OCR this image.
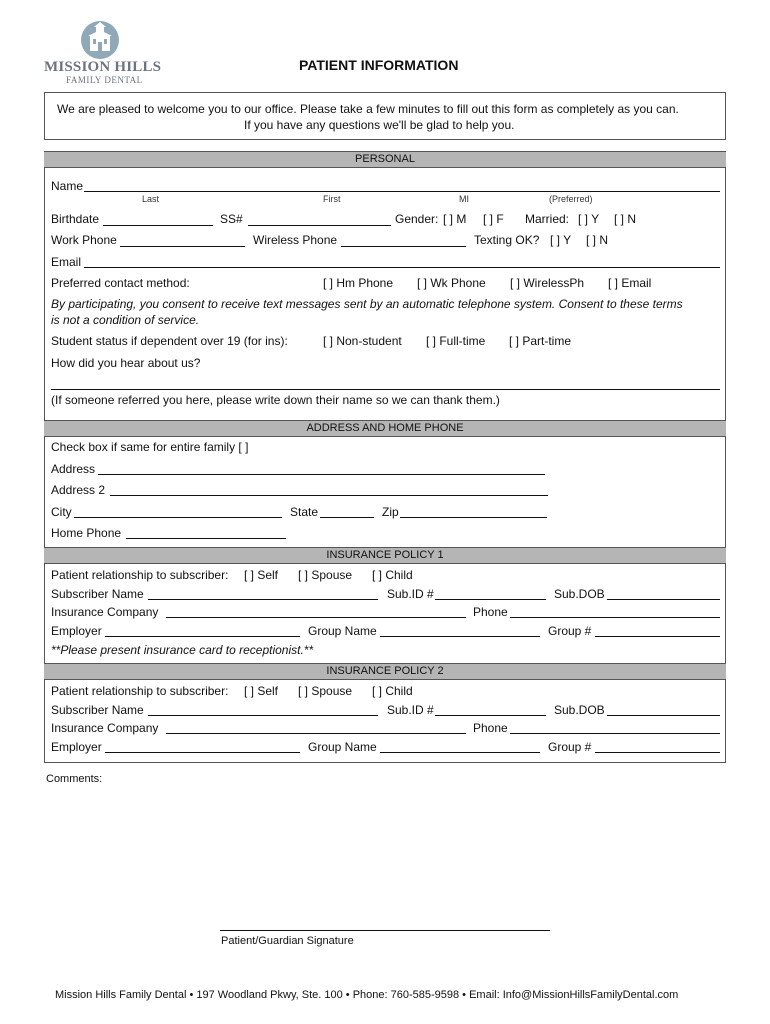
MISSION HILLS
FAMILY DENTAL
PATIENT INFORMATION
We are pleased to welcome you to our office. Please take a few minutes to fill out this form as completely as you can.
If you have any questions we'll be glad to help you.
PERSONAL
Name
Last	First	MI	(Preferred)
Birthdate	SS#	Gender: [ ] M [ ] F Married: [ ] Y [ ] N
Work Phone	Wireless Phone	Texting OK? [ ] Y [ ] N
Email
Preferred contact method:	[ ] Hm Phone [ ] Wk Phone [ ] WirelessPh [ ] Email
By participating, you consent to receive text messages sent by an automatic telephone system. Consent to these terms
is not a condition of service.
Student status if dependent over 19 (for ins):	[ ] Non-student [ ] Full-time [ ] Part-time
How did you hear about us?
(If someone referred you here, please write down their name so we can thank them.)
ADDRESS AND HOME PHONE
Check box if same for entire family [ ]
Address
Address 2
City	State	Zip
Home Phone
INSURANCE POLICY 1
Patient relationship to subscriber: [ ] Self [ ] Spouse [ ] Child
Subscriber Name	Sub.ID #	Sub.DOB
Insurance Company	Phone
Employer	Group Name	Group #
**Please present insurance card to receptionist.**
INSURANCE POLICY 2
Patient relationship to subscriber: [ ] Self [ ] Spouse [ ] Child
Subscriber Name	Sub.ID #	Sub.DOB
Insurance Company	Phone
Employer	Group Name	Group #
Comments:
Patient/Guardian Signature
Mission Hills Family Dental • 197 Woodland Pkwy, Ste. 100 • Phone: 760-585-9598 • Email: Info@MissionHillsFamilyDental.com
